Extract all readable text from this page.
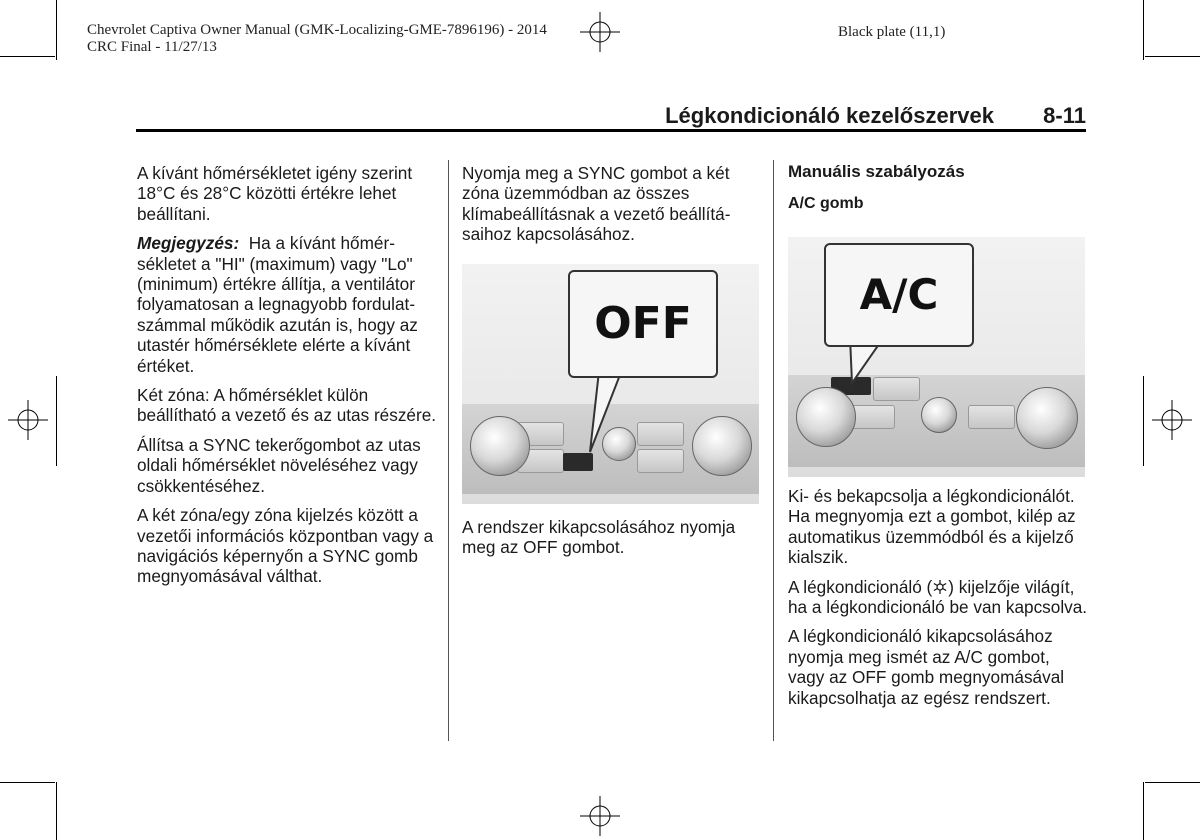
Chevrolet Captiva Owner Manual (GMK-Localizing-GME-7896196) - 2014
CRC Final - 11/27/13
Black plate (11,1)
Légkondicionáló kezelőszervek 8-11

A kívánt hőmérsékletet igény szerint 18°C és 28°C közötti értékre lehet beállítani.

Megjegyzés: Ha a kívánt hőmérsékletet a "HI" (maximum) vagy "Lo" (minimum) értékre állítja, a ventilátor folyamatosan a legnagyobb fordulatszámmal működik azután is, hogy az utastér hőmérséklete elérte a kívánt értéket.

Két zóna: A hőmérséklet külön beállítható a vezető és az utas részére.

Állítsa a SYNC tekerőgombot az utas oldali hőmérséklet növeléséhez vagy csökkentéséhez.

A két zóna/egy zóna kijelzés között a vezetői információs központban vagy a navigációs képernyőn a SYNC gomb megnyomásával válthat.

Nyomja meg a SYNC gombot a két zóna üzemmódban az összes klímabeállításnak a vezető beállításaihoz kapcsolásához.

OFF

A rendszer kikapcsolásához nyomja meg az OFF gombot.

Manuális szabályozás
A/C gomb
A/C

Ki- és bekapcsolja a légkondicionálót. Ha megnyomja ezt a gombot, kilép az automatikus üzemmódból és a kijelző kialszik.

A légkondicionáló ( ) kijelzője világít, ha a légkondicionáló be van kapcsolva.

A légkondicionáló kikapcsolásához nyomja meg ismét az A/C gombot, vagy az OFF gomb megnyomásával kikapcsolhatja az egész rendszert.
